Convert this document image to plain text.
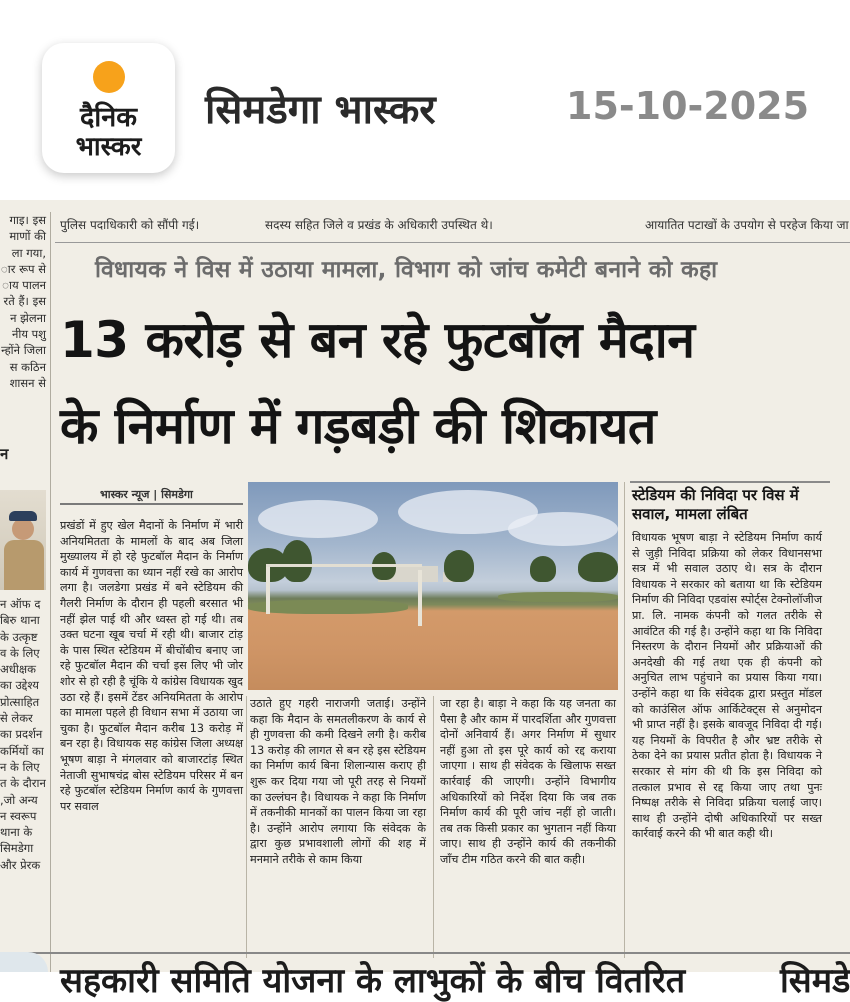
दैनिक
भास्कर
सिमडेगा भास्कर	15-10-2025
पुलिस पदाधिकारी को सौंपी गई।	सदस्य सहित जिले व प्रखंड के अधिकारी उपस्थित थे।	आयातित पटाखों के उपयोग से परहेज किया जा
गाइ। इस
माणों की
ला गया,
ार रूप से
ाय पालन
रते हैं। इस
न झेलना
नीय पशु
न्होंने जिला
स कठिन
शासन से
न
न ऑफ द
बिरु थाना
के उत्कृष्ट
व के लिए
अधीक्षक
का उद्देश्य
प्रोत्साहित
से लेकर
का प्रदर्शन
कर्मियों का
न के लिए
त के दौरान
,जो अन्य
न स्वरूप
थाना के
सिमडेगा
और प्रेरक
विधायक ने विस में उठाया मामला, विभाग को जांच कमेटी बनाने को कहा
13 करोड़ से बन रहे फुटबॉल मैदान
के निर्माण में गड़बड़ी की शिकायत
भास्कर न्यूज | सिमडेगा

प्रखंडों में हुए खेल मैदानों के निर्माण में भारी अनियमितता के मामलों के बाद अब जिला मुख्यालय में हो रहे फुटबॉल मैदान के निर्माण कार्य में गुणवत्ता का ध्यान नहीं रखे का आरोप लगा है। जलडेगा प्रखंड में बने स्टेडियम की गैलरी निर्माण के दौरान ही पहली बरसात भी नहीं झेल पाई थी और ध्वस्त हो गई थी। तब उक्त घटना खूब चर्चा में रही थी। बाजार टांड़ के पास स्थित स्टेडियम में बीचोंबीच बनाए जा रहे फुटबॉल मैदान की चर्चा इस लिए भी जोर शोर से हो रही है चूंकि ये कांग्रेस विधायक खुद उठा रहे हैं। इसमें टेंडर अनियमितता के आरोप का मामला पहले ही विधान सभा में उठाया जा चुका है। फुटबॉल मैदान करीब 13 करोड़ में बन रहा है। विधायक सह कांग्रेस जिला अध्यक्ष भूषण बाड़ा ने मंगलवार को बाजारटांड़ स्थित नेताजी सुभाषचंद्र बोस स्टेडियम परिसर में बन रहे फुटबॉल स्टेडियम निर्माण कार्य के गुणवत्ता पर सवाल

उठाते हुए गहरी नाराजगी जताई। उन्होंने कहा कि मैदान के समतलीकरण के कार्य से ही गुणवत्ता की कमी दिखने लगी है। करीब 13 करोड़ की लागत से बन रहे इस स्टेडियम का निर्माण कार्य बिना शिलान्यास कराए ही शुरू कर दिया गया जो पूरी तरह से नियमों का उल्लंघन है। विधायक ने कहा कि निर्माण में तकनीकी मानकों का पालन किया जा रहा है। उन्होंने आरोप लगाया कि संवेदक के द्वारा कुछ प्रभावशाली लोगों की शह में मनमाने तरीके से काम किया

जा रहा है। बाड़ा ने कहा कि यह जनता का पैसा है और काम में पारदर्शिता और गुणवत्ता दोनों अनिवार्य हैं। अगर निर्माण में सुधार नहीं हुआ तो इस पूरे कार्य को रद्द कराया जाएगा । साथ ही संवेदक के खिलाफ सख्त कार्रवाई की जाएगी। उन्होंने विभागीय अधिकारियों को निर्देश दिया कि जब तक निर्माण कार्य की पूरी जांच नहीं हो जाती। तब तक किसी प्रकार का भुगतान नहीं किया जाए। साथ ही उन्होंने कार्य की तकनीकी जाँच टीम गठित करने की बात कही।

स्टेडियम की निविदा पर विस में सवाल, मामला लंबित

विधायक भूषण बाड़ा ने स्टेडियम निर्माण कार्य से जुड़ी निविदा प्रक्रिया को लेकर विधानसभा सत्र में भी सवाल उठाए थे। सत्र के दौरान विधायक ने सरकार को बताया था कि स्टेडियम निर्माण की निविदा एडवांस स्पोर्ट्स टेक्नोलॉजीज प्रा. लि. नामक कंपनी को गलत तरीके से आवंटित की गई है। उन्होंने कहा था कि निविदा निस्तरण के दौरान नियमों और प्रक्रियाओं की अनदेखी की गई तथा एक ही कंपनी को अनुचित लाभ पहुंचाने का प्रयास किया गया। उन्होंने कहा था कि संवेदक द्वारा प्रस्तुत मॉडल को काउंसिल ऑफ आर्किटेक्ट्स से अनुमोदन भी प्राप्त नहीं है। इसके बावजूद निविदा दी गई। यह नियमों के विपरीत है और भ्रष्ट तरीके से ठेका देने का प्रयास प्रतीत होता है। विधायक ने सरकार से मांग की थी कि इस निविदा को तत्काल प्रभाव से रद्द किया जाए तथा पुनः निष्पक्ष तरीके से निविदा प्रक्रिया चलाई जाए। साथ ही उन्होंने दोषी अधिकारियों पर सख्त कार्रवाई करने की भी बात कही थी।

सहकारी समिति योजना के लाभुकों के बीच वितरित	सिमडे
